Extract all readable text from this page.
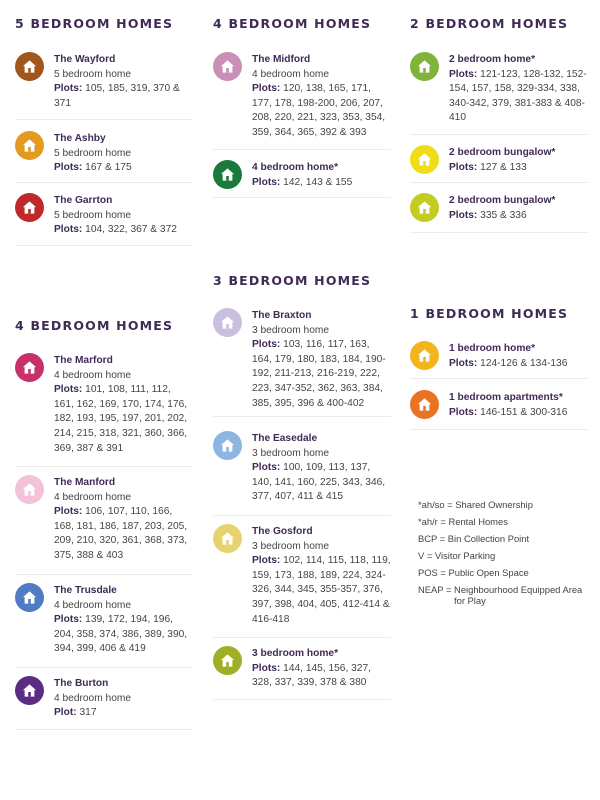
5 BEDROOM HOMES
The Wayford
5 bedroom home
Plots: 105, 185, 319, 370 & 371
The Ashby
5 bedroom home
Plots: 167 & 175
The Garrton
5 bedroom home
Plots: 104, 322, 367 & 372
4 BEDROOM HOMES
The Marford
4 bedroom home
Plots: 101, 108, 111, 112, 161, 162, 169, 170, 174, 176, 182, 193, 195, 197, 201, 202, 214, 215, 318, 321, 360, 366, 369, 387 & 391
The Manford
4 bedroom home
Plots: 106, 107, 110, 166, 168, 181, 186, 187, 203, 205, 209, 210, 320, 361, 368, 373, 375, 388 & 403
The Trusdale
4 bedroom home
Plots: 139, 172, 194, 196, 204, 358, 374, 386, 389, 390, 394, 399, 406 & 419
The Burton
4 bedroom home
Plot: 317
4 BEDROOM HOMES
The Midford
4 bedroom home
Plots: 120, 138, 165, 171, 177, 178, 198-200, 206, 207, 208, 220, 221, 323, 353, 354, 359, 364, 365, 392 & 393
4 bedroom home*
Plots: 142, 143 & 155
3 BEDROOM HOMES
The Braxton
3 bedroom home
Plots: 103, 116, 117, 163, 164, 179, 180, 183, 184, 190-192, 211-213, 216-219, 222, 223, 347-352, 362, 363, 384, 385, 395, 396 & 400-402
The Easedale
3 bedroom home
Plots: 100, 109, 113, 137, 140, 141, 160, 225, 343, 346, 377, 407, 411 & 415
The Gosford
3 bedroom home
Plots: 102, 114, 115, 118, 119, 159, 173, 188, 189, 224, 324-326, 344, 345, 355-357, 376, 397, 398, 404, 405, 412-414 & 416-418
3 bedroom home*
Plots: 144, 145, 156, 327, 328, 337, 339, 378 & 380
2 BEDROOM HOMES
2 bedroom home*
Plots: 121-123, 128-132, 152-154, 157, 158, 329-334, 338, 340-342, 379, 381-383 & 408-410
2 bedroom bungalow*
Plots: 127 & 133
2 bedroom bungalow*
Plots: 335 & 336
1 BEDROOM HOMES
1 bedroom home*
Plots: 124-126 & 134-136
1 bedroom apartments*
Plots: 146-151 & 300-316
*ah/so = Shared Ownership
*ah/r = Rental Homes
BCP = Bin Collection Point
V = Visitor Parking
POS = Public Open Space
NEAP = Neighbourhood Equipped Area for Play
